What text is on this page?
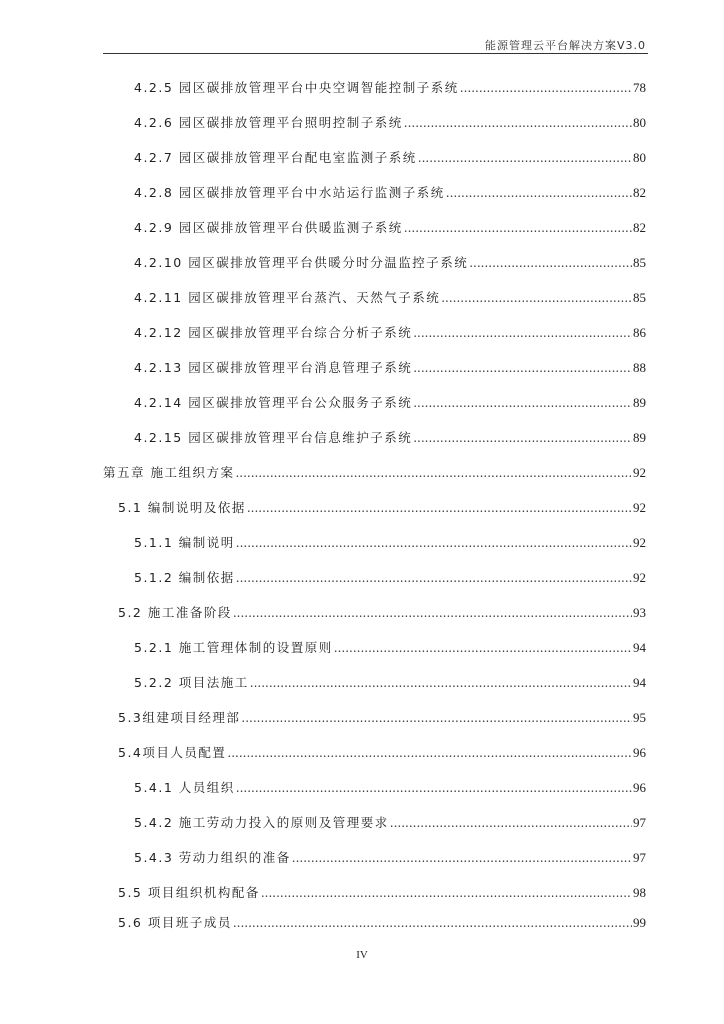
能源管理云平台解决方案V3.0
4.2.5 园区碳排放管理平台中央空调智能控制子系统 .....	78
4.2.6 园区碳排放管理平台照明控制子系统 .....	80
4.2.7 园区碳排放管理平台配电室监测子系统 .....	80
4.2.8 园区碳排放管理平台中水站运行监测子系统 .....	82
4.2.9 园区碳排放管理平台供暖监测子系统 .....	82
4.2.10 园区碳排放管理平台供暖分时分温监控子系统 .....	85
4.2.11 园区碳排放管理平台蒸汽、天然气子系统 .....	85
4.2.12 园区碳排放管理平台综合分析子系统 .....	86
4.2.13 园区碳排放管理平台消息管理子系统 .....	88
4.2.14 园区碳排放管理平台公众服务子系统 .....	89
4.2.15 园区碳排放管理平台信息维护子系统 .....	89
第五章 施工组织方案 .....	92
5.1 编制说明及依据 .....	92
5.1.1 编制说明 .....	92
5.1.2 编制依据 .....	92
5.2 施工准备阶段 .....	93
5.2.1 施工管理体制的设置原则 .....	94
5.2.2 项目法施工 .....	94
5.3组建项目经理部 .....	95
5.4项目人员配置 .....	96
5.4.1 人员组织 .....	96
5.4.2 施工劳动力投入的原则及管理要求 .....	97
5.4.3 劳动力组织的准备 .....	97
5.5 项目组织机构配备 .....	98
5.6 项目班子成员 .....	99
IV
